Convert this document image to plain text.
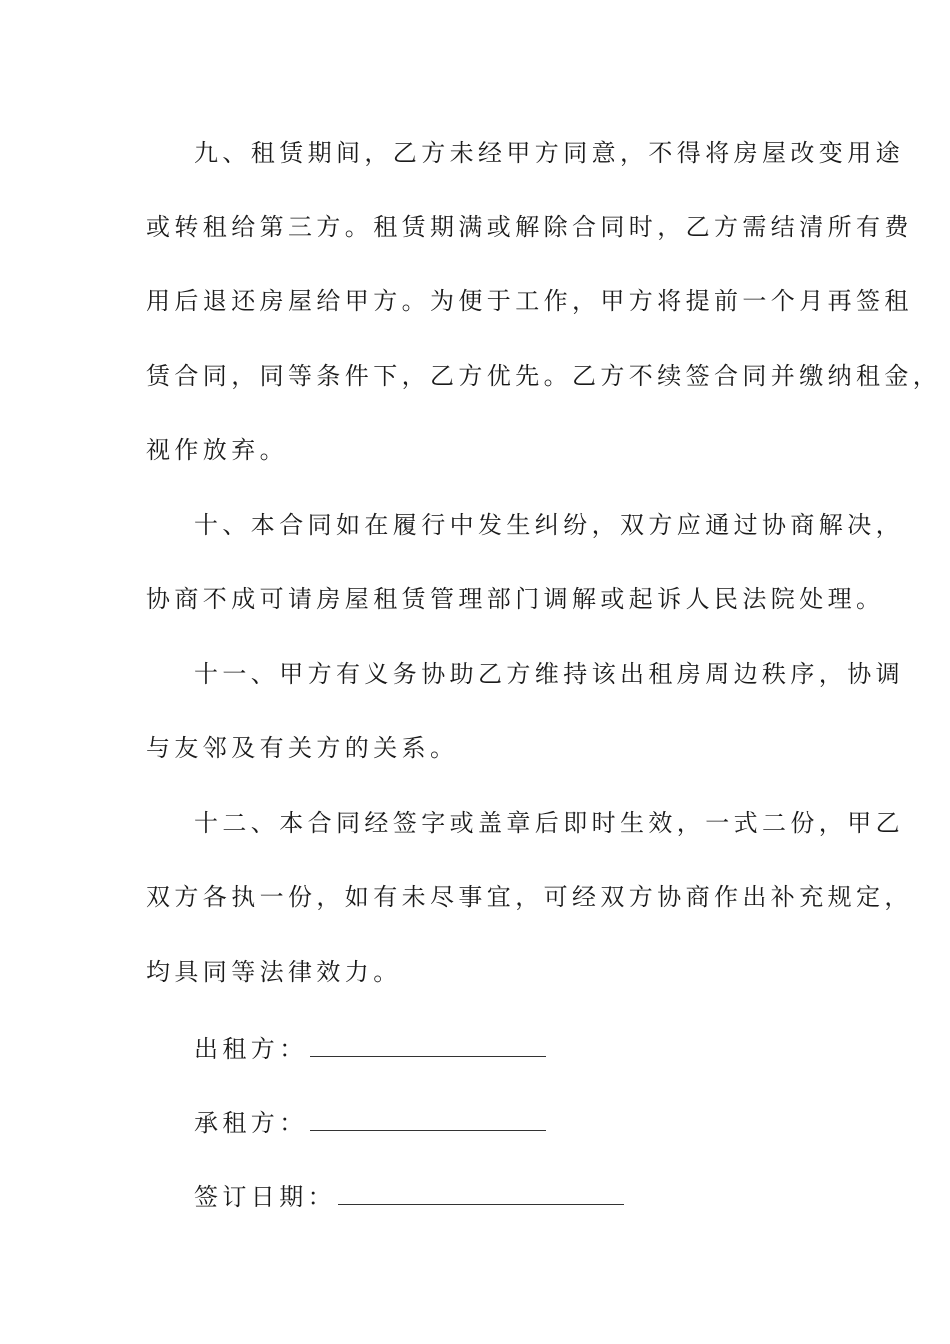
九、租赁期间，乙方未经甲方同意，不得将房屋改变用途
或转租给第三方。租赁期满或解除合同时，乙方需结清所有费
用后退还房屋给甲方。为便于工作，甲方将提前一个月再签租
赁合同，同等条件下，乙方优先。乙方不续签合同并缴纳租金，
视作放弃。
十、本合同如在履行中发生纠纷，双方应通过协商解决，
协商不成可请房屋租赁管理部门调解或起诉人民法院处理。
十一、甲方有义务协助乙方维持该出租房周边秩序，协调
与友邻及有关方的关系。
十二、本合同经签字或盖章后即时生效，一式二份，甲乙
双方各执一份，如有未尽事宜，可经双方协商作出补充规定，
均具同等法律效力。
出租方：
承租方：
签订日期：
